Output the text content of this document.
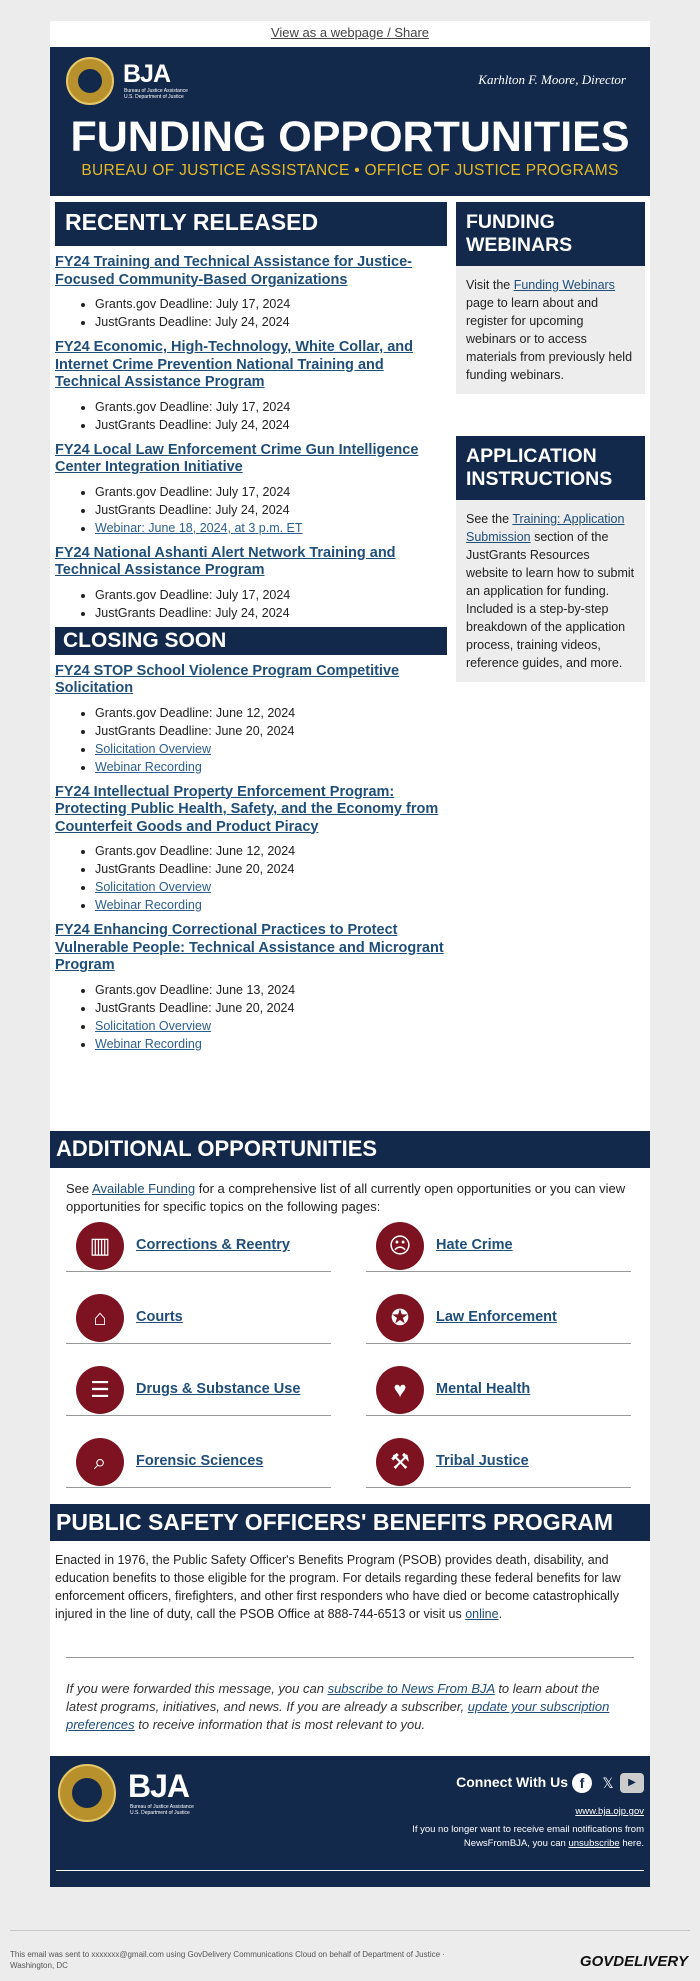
View as a webpage / Share
BJA
Bureau of Justice Assistance
U.S. Department of Justice
Karhlton F. Moore, Director
FUNDING OPPORTUNITIES
BUREAU OF JUSTICE ASSISTANCE • OFFICE OF JUSTICE PROGRAMS
RECENTLY RELEASED
FY24 Training and Technical Assistance for Justice-Focused Community-Based Organizations
• Grants.gov Deadline: July 17, 2024
• JustGrants Deadline: July 24, 2024
FY24 Economic, High-Technology, White Collar, and Internet Crime Prevention National Training and Technical Assistance Program
• Grants.gov Deadline: July 17, 2024
• JustGrants Deadline: July 24, 2024
FY24 Local Law Enforcement Crime Gun Intelligence Center Integration Initiative
• Grants.gov Deadline: July 17, 2024
• JustGrants Deadline: July 24, 2024
• Webinar: June 18, 2024, at 3 p.m. ET
FY24 National Ashanti Alert Network Training and Technical Assistance Program
• Grants.gov Deadline: July 17, 2024
• JustGrants Deadline: July 24, 2024
CLOSING SOON
FY24 STOP School Violence Program Competitive Solicitation
• Grants.gov Deadline: June 12, 2024
• JustGrants Deadline: June 20, 2024
• Solicitation Overview
• Webinar Recording
FY24 Intellectual Property Enforcement Program: Protecting Public Health, Safety, and the Economy from Counterfeit Goods and Product Piracy
• Grants.gov Deadline: June 12, 2024
• JustGrants Deadline: June 20, 2024
• Solicitation Overview
• Webinar Recording
FY24 Enhancing Correctional Practices to Protect Vulnerable People: Technical Assistance and Microgrant Program
• Grants.gov Deadline: June 13, 2024
• JustGrants Deadline: June 20, 2024
• Solicitation Overview
• Webinar Recording
FUNDING WEBINARS
Visit the Funding Webinars page to learn about and register for upcoming webinars or to access materials from previously held funding webinars.
APPLICATION INSTRUCTIONS
See the Training: Application Submission section of the JustGrants Resources website to learn how to submit an application for funding. Included is a step-by-step breakdown of the application process, training videos, reference guides, and more.
ADDITIONAL OPPORTUNITIES
See Available Funding for a comprehensive list of all currently open opportunities or you can view opportunities for specific topics on the following pages:
▥	Corrections & Reentry	☹	Hate Crime
⌂	Courts	✪	Law Enforcement
☰	Drugs & Substance Use	♥	Mental Health
⌕	Forensic Sciences	⚒	Tribal Justice
PUBLIC SAFETY OFFICERS' BENEFITS PROGRAM
Enacted in 1976, the Public Safety Officer's Benefits Program (PSOB) provides death, disability, and education benefits to those eligible for the program. For details regarding these federal benefits for law enforcement officers, firefighters, and other first responders who have died or become catastrophically injured in the line of duty, call the PSOB Office at 888-744-6513 or visit us online.
If you were forwarded this message, you can subscribe to News From BJA to learn about the latest programs, initiatives, and news. If you are already a subscriber, update your subscription preferences to receive information that is most relevant to you.
BJA
Bureau of Justice Assistance
U.S. Department of Justice
Connect With Us f	𝕏	▶
www.bja.ojp.gov
If you no longer want to receive email notifications from NewsFromBJA, you can unsubscribe here.
This email was sent to xxxxxxx@gmail.com using GovDelivery Communications Cloud on behalf of Department of Justice ·
Washington, DC	GOVDELIVERY
